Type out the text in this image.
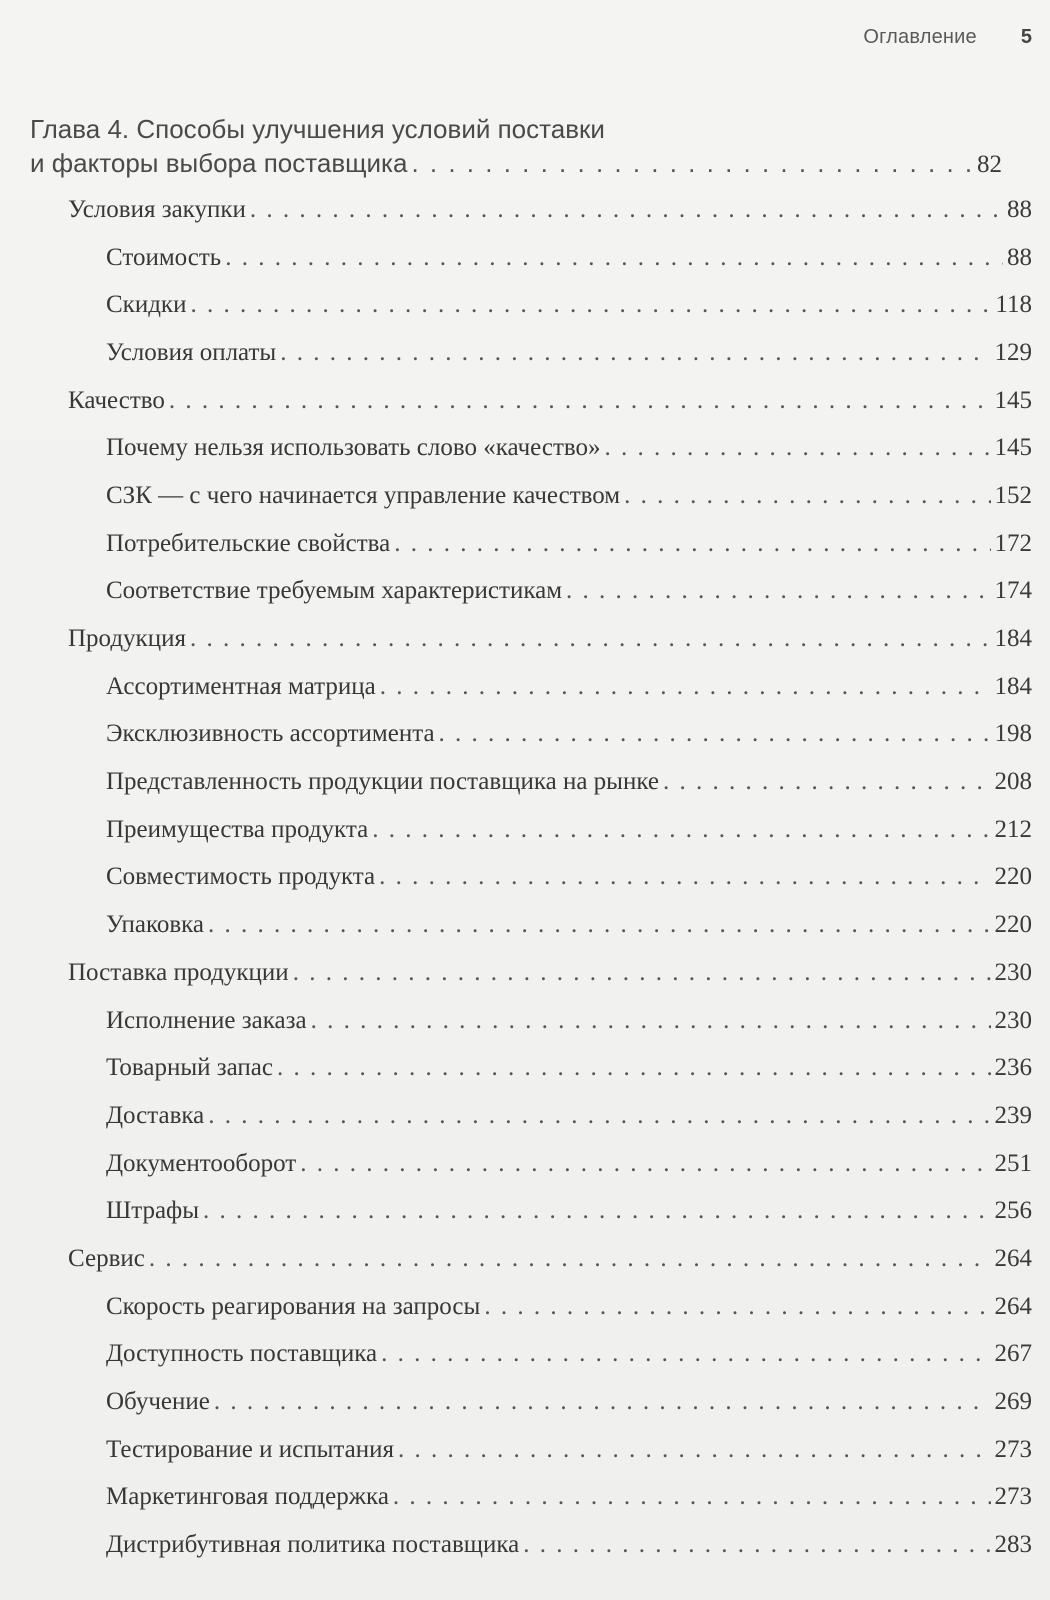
Оглавление 5
Глава 4. Способы улучшения условий поставки
и факторы выбора поставщика . . .	82
Условия закупки . . .	88
Стоимость . . .	88
Скидки . . .	118
Условия оплаты . . .	129
Качество . . .	145
Почему нельзя использовать слово «качество» . . .	145
СЗК — с чего начинается управление качеством . . .	152
Потребительские свойства . . .	172
Соответствие требуемым характеристикам . . .	174
Продукция . . .	184
Ассортиментная матрица . . .	184
Эксклюзивность ассортимента . . .	198
Представленность продукции поставщика на рынке . . .	208
Преимущества продукта . . .	212
Совместимость продукта . . .	220
Упаковка . . .	220
Поставка продукции . . .	230
Исполнение заказа . . .	230
Товарный запас . . .	236
Доставка . . .	239
Документооборот . . .	251
Штрафы . . .	256
Сервис . . .	264
Скорость реагирования на запросы . . .	264
Доступность поставщика . . .	267
Обучение . . .	269
Тестирование и испытания . . .	273
Маркетинговая поддержка . . .	273
Дистрибутивная политика поставщика . . .	283
